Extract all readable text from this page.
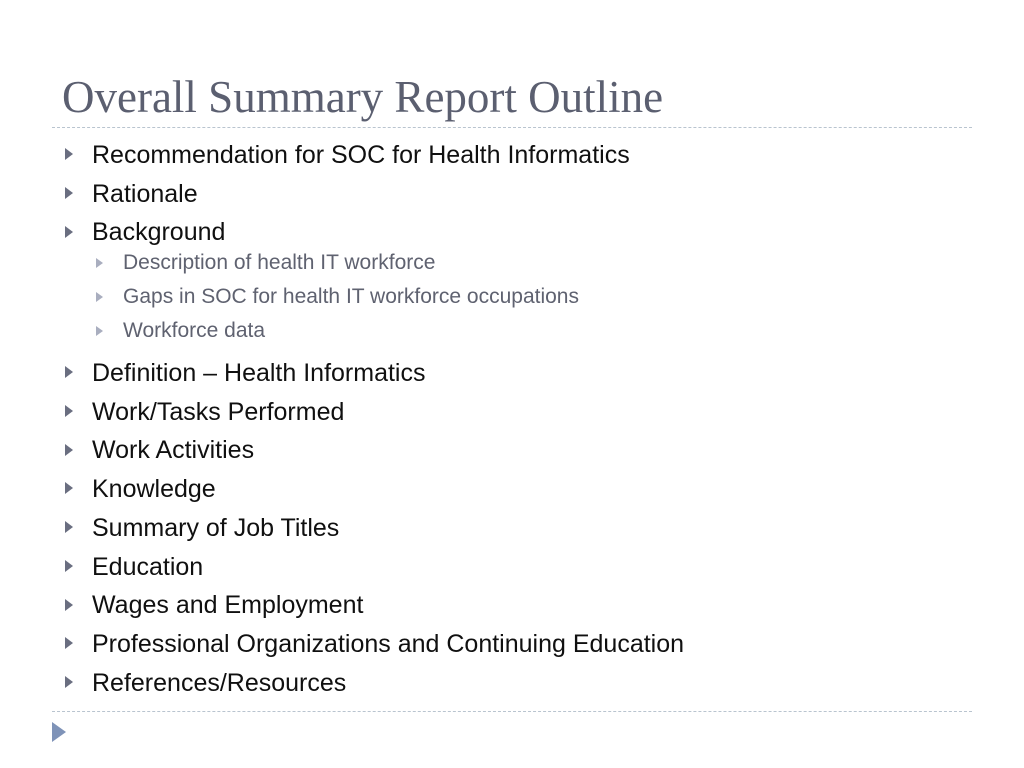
Overall Summary Report Outline
Recommendation for SOC for Health Informatics
Rationale
Background
Description of health IT workforce
Gaps in SOC for health IT workforce occupations
Workforce data
Definition – Health Informatics
Work/Tasks Performed
Work Activities
Knowledge
Summary of Job Titles
Education
Wages and Employment
Professional Organizations and Continuing Education
References/Resources
